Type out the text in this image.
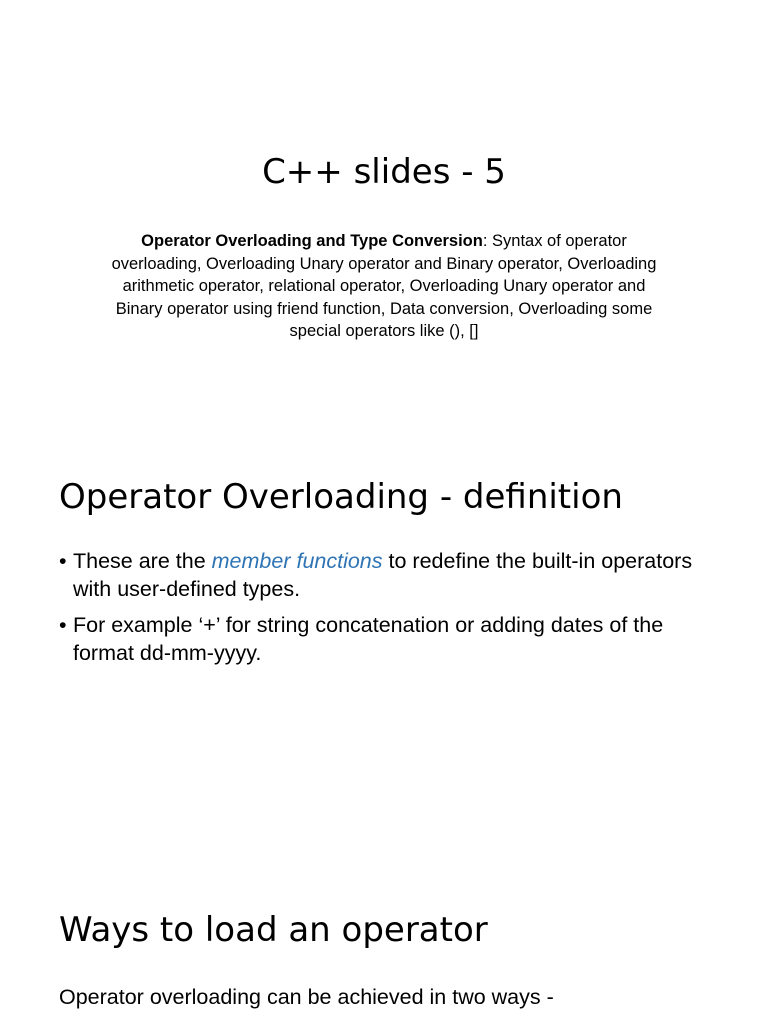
C++ slides - 5

Operator Overloading and Type Conversion: Syntax of operator overloading, Overloading Unary operator and Binary operator, Overloading arithmetic operator, relational operator, Overloading Unary operator and Binary operator using friend function, Data conversion, Overloading some special operators like (), []

Operator Overloading - definition
• These are the member functions to redefine the built-in operators with user-defined types.
• For example ‘+’ for string concatenation or adding dates of the format dd-mm-yyyy.
Ways to load an operator

Operator overloading can be achieved in two ways -
